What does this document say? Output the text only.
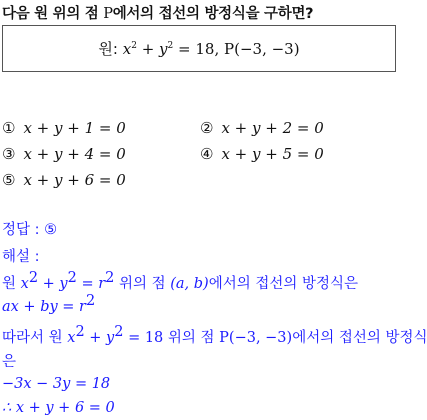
다음 원 위의 점 P에서의 접선의 방정식을 구하면?
원: $x^2 + y^2 = 18$, P(−3, −3)
① x + y + 1 = 0	② x + y + 2 = 0
③ x + y + 4 = 0	④ x + y + 5 = 0
⑤ x + y + 6 = 0
정답 : ⑤
해설 :
원 $x^2 + y^2 = r^2$ 위의 점 (a, b)에서의 접선의 방정식은
ax + by = $r^2$
따라서 원 $x^2 + y^2 = 18$ 위의 점 P(−3, −3)에서의 접선의 방정식
은
−3x − 3y = 18
∴ x + y + 6 = 0
